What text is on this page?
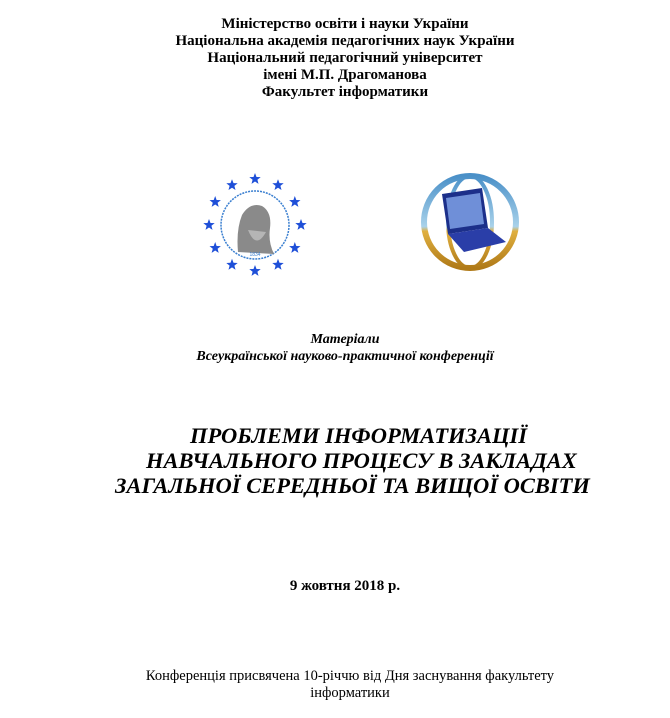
Міністерство освіти і науки України
Національна академія педагогічних наук України
Національний педагогічний університет
імені М.П. Драгоманова
Факультет інформатики
1834
Матеріали
Всеукраїнської науково-практичної конференції
ПРОБЛЕМИ ІНФОРМАТИЗАЦІЇ
НАВЧАЛЬНОГО ПРОЦЕСУ В ЗАКЛАДАХ
ЗАГАЛЬНОЇ СЕРЕДНЬОЇ ТА ВИЩОЇ ОСВІТИ
9 жовтня 2018 р.
Конференція присвячена 10-річчю від Дня заснування факультету
інформатики
